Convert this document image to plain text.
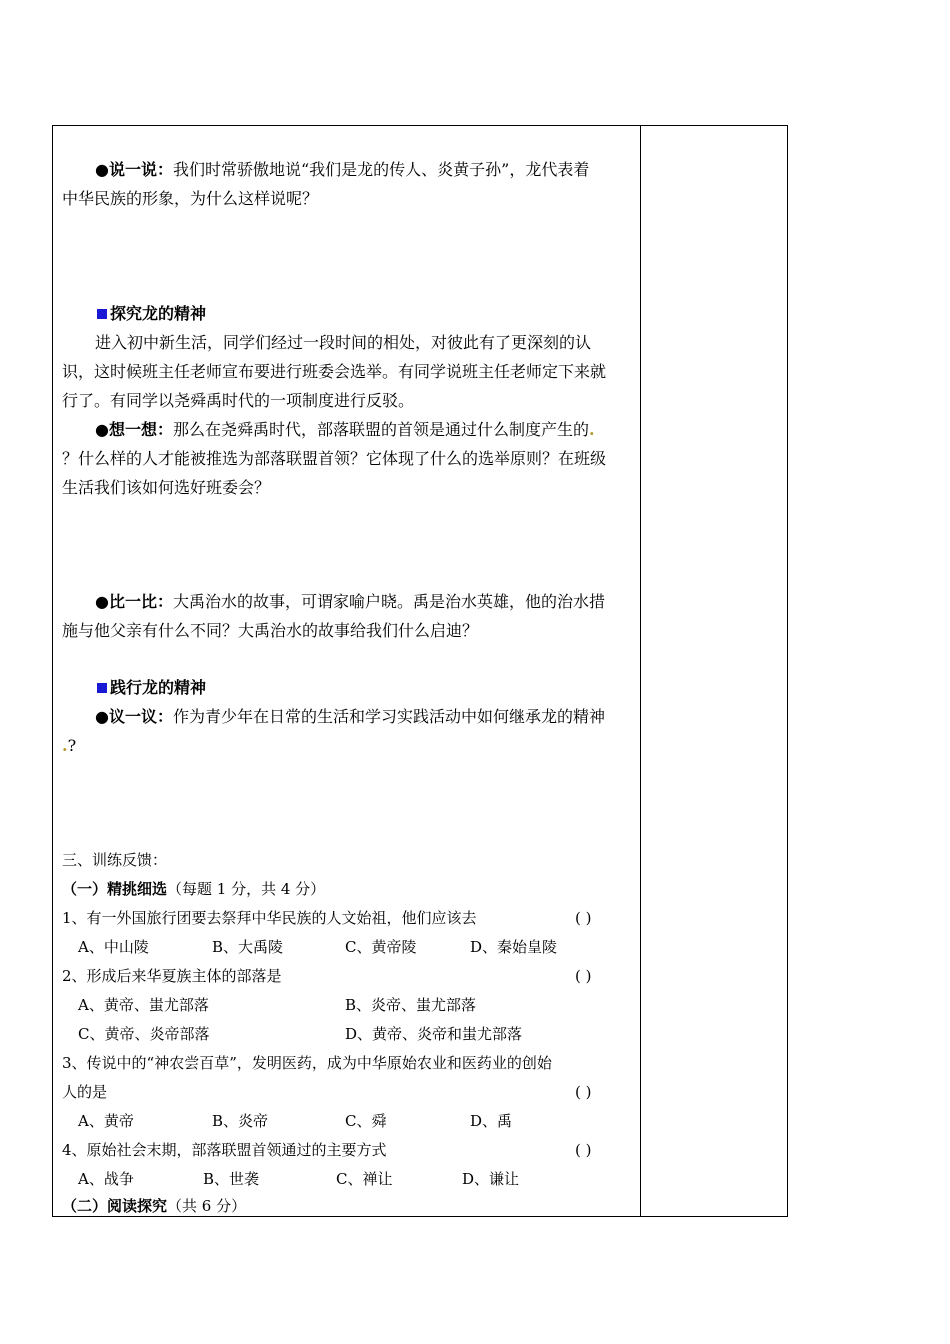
●说一说：我们时常骄傲地说“我们是龙的传人、炎黄子孙”，龙代表着
中华民族的形象，为什么这样说呢？
探究龙的精神
进入初中新生活，同学们经过一段时间的相处，对彼此有了更深刻的认
识，这时候班主任老师宣布要进行班委会选举。有同学说班主任老师定下来就
行了。有同学以尧舜禹时代的一项制度进行反驳。
●想一想：那么在尧舜禹时代，部落联盟的首领是通过什么制度产生的.
？什么样的人才能被推选为部落联盟首领？它体现了什么的选举原则？在班级
生活我们该如何选好班委会？
●比一比：大禹治水的故事，可谓家喻户晓。禹是治水英雄，他的治水措
施与他父亲有什么不同？大禹治水的故事给我们什么启迪？
践行龙的精神
●议一议：作为青少年在日常的生活和学习实践活动中如何继承龙的精神
.?
三、训练反馈：
（一）精挑细选（每题 1 分，共 4 分）
1、有一外国旅行团要去祭拜中华民族的人文始祖，他们应该去	( )
A、中山陵	B、大禹陵	C、黄帝陵	D、秦始皇陵
2、形成后来华夏族主体的部落是	( )
A、黄帝、蚩尤部落	B、炎帝、蚩尤部落
C、黄帝、炎帝部落	D、黄帝、炎帝和蚩尤部落
3、传说中的“神农尝百草”，发明医药，成为中华原始农业和医药业的创始
人的是	( )
A、黄帝	B、炎帝	C、舜	D、禹
4、原始社会末期，部落联盟首领通过的主要方式	( )
A、战争	B、世袭	C、禅让	D、谦让
（二）阅读探究（共 6 分）
